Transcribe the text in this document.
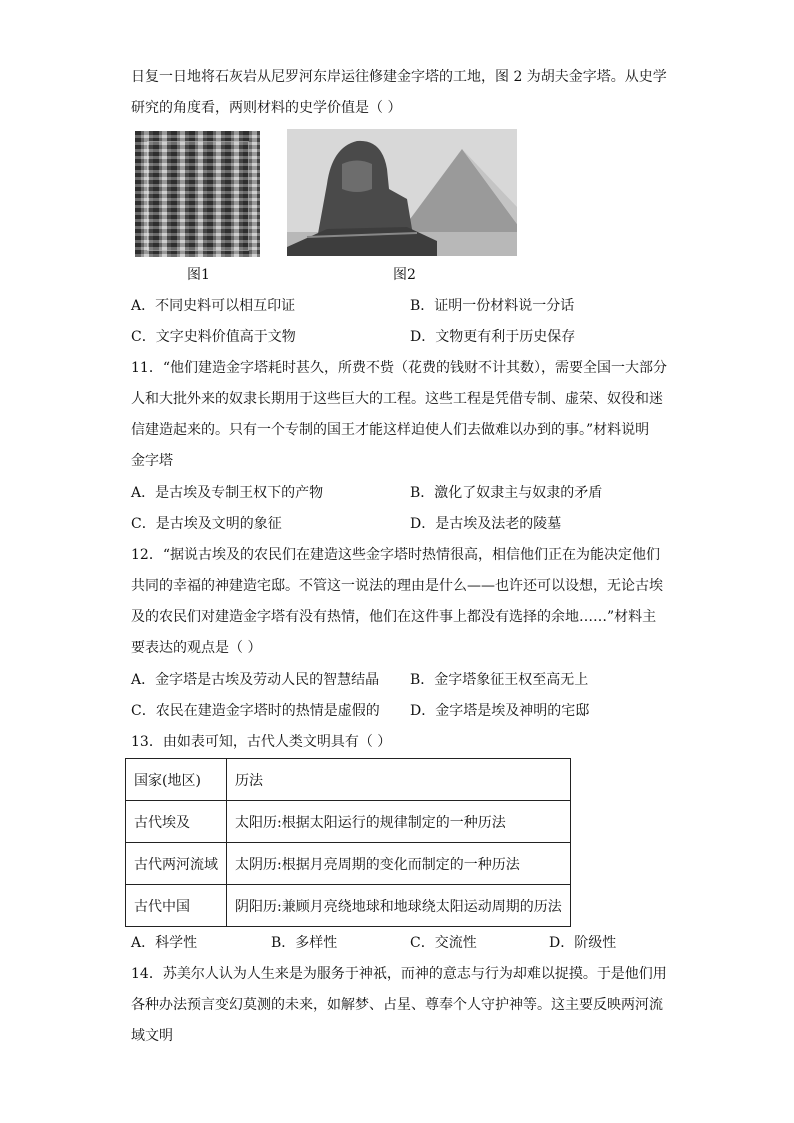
日复一日地将石灰岩从尼罗河东岸运往修建金字塔的工地，图 2 为胡夫金字塔。从史学
研究的角度看，两则材料的史学价值是（ ）
图1	图2
A．不同史料可以相互印证	B．证明一份材料说一分话
C．文字史料价值高于文物	D．文物更有利于历史保存
11．“他们建造金字塔耗时甚久，所费不赀（花费的钱财不计其数），需要全国一大部分
人和大批外来的奴隶长期用于这些巨大的工程。这些工程是凭借专制、虚荣、奴役和迷
信建造起来的。只有一个专制的国王才能这样迫使人们去做难以办到的事。”材料说明
金字塔
A．是古埃及专制王权下的产物	B．激化了奴隶主与奴隶的矛盾
C．是古埃及文明的象征	D．是古埃及法老的陵墓
12．“据说古埃及的农民们在建造这些金字塔时热情很高，相信他们正在为能决定他们
共同的幸福的神建造宅邸。不管这一说法的理由是什么——也许还可以设想，无论古埃
及的农民们对建造金字塔有没有热情，他们在这件事上都没有选择的余地……”材料主
要表达的观点是（ ）
A．金字塔是古埃及劳动人民的智慧结晶 B．金字塔象征王权至高无上
C．农民在建造金字塔时的热情是虚假的 D．金字塔是埃及神明的宅邸
13．由如表可知，古代人类文明具有（ ）
国家(地区)	历法
古代埃及	太阳历:根据太阳运行的规律制定的一种历法
古代两河流域	太阴历:根据月亮周期的变化而制定的一种历法
古代中国	阴阳历:兼顾月亮绕地球和地球绕太阳运动周期的历法
A．科学性	B．多样性	C．交流性	D．阶级性
14．苏美尔人认为人生来是为服务于神祇，而神的意志与行为却难以捉摸。于是他们用
各种办法预言变幻莫测的未来，如解梦、占星、尊奉个人守护神等。这主要反映两河流
域文明
